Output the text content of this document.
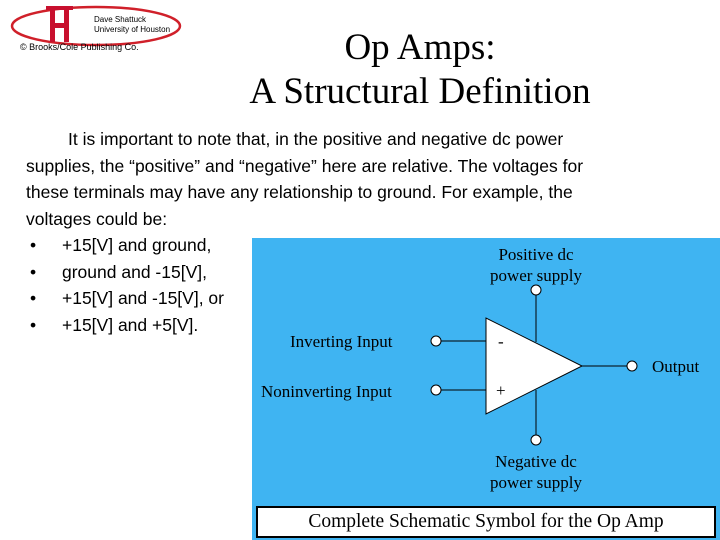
Dave Shattuck
University of Houston
© Brooks/Cole Publishing Co.	Op Amps:
A Structural Definition
It is important to note that, in the positive and negative dc power
supplies, the “positive” and “negative” here are relative. The voltages for
these terminals may have any relationship to ground. For example, the
voltages could be:
• +15[V] and ground,
• ground and -15[V],
• +15[V] and -15[V], or
• +15[V] and +5[V].
Positive dc
power supply
Inverting Input
Noninverting Input
-
+
Output
Negative dc
power supply
Complete Schematic Symbol for the Op Amp
